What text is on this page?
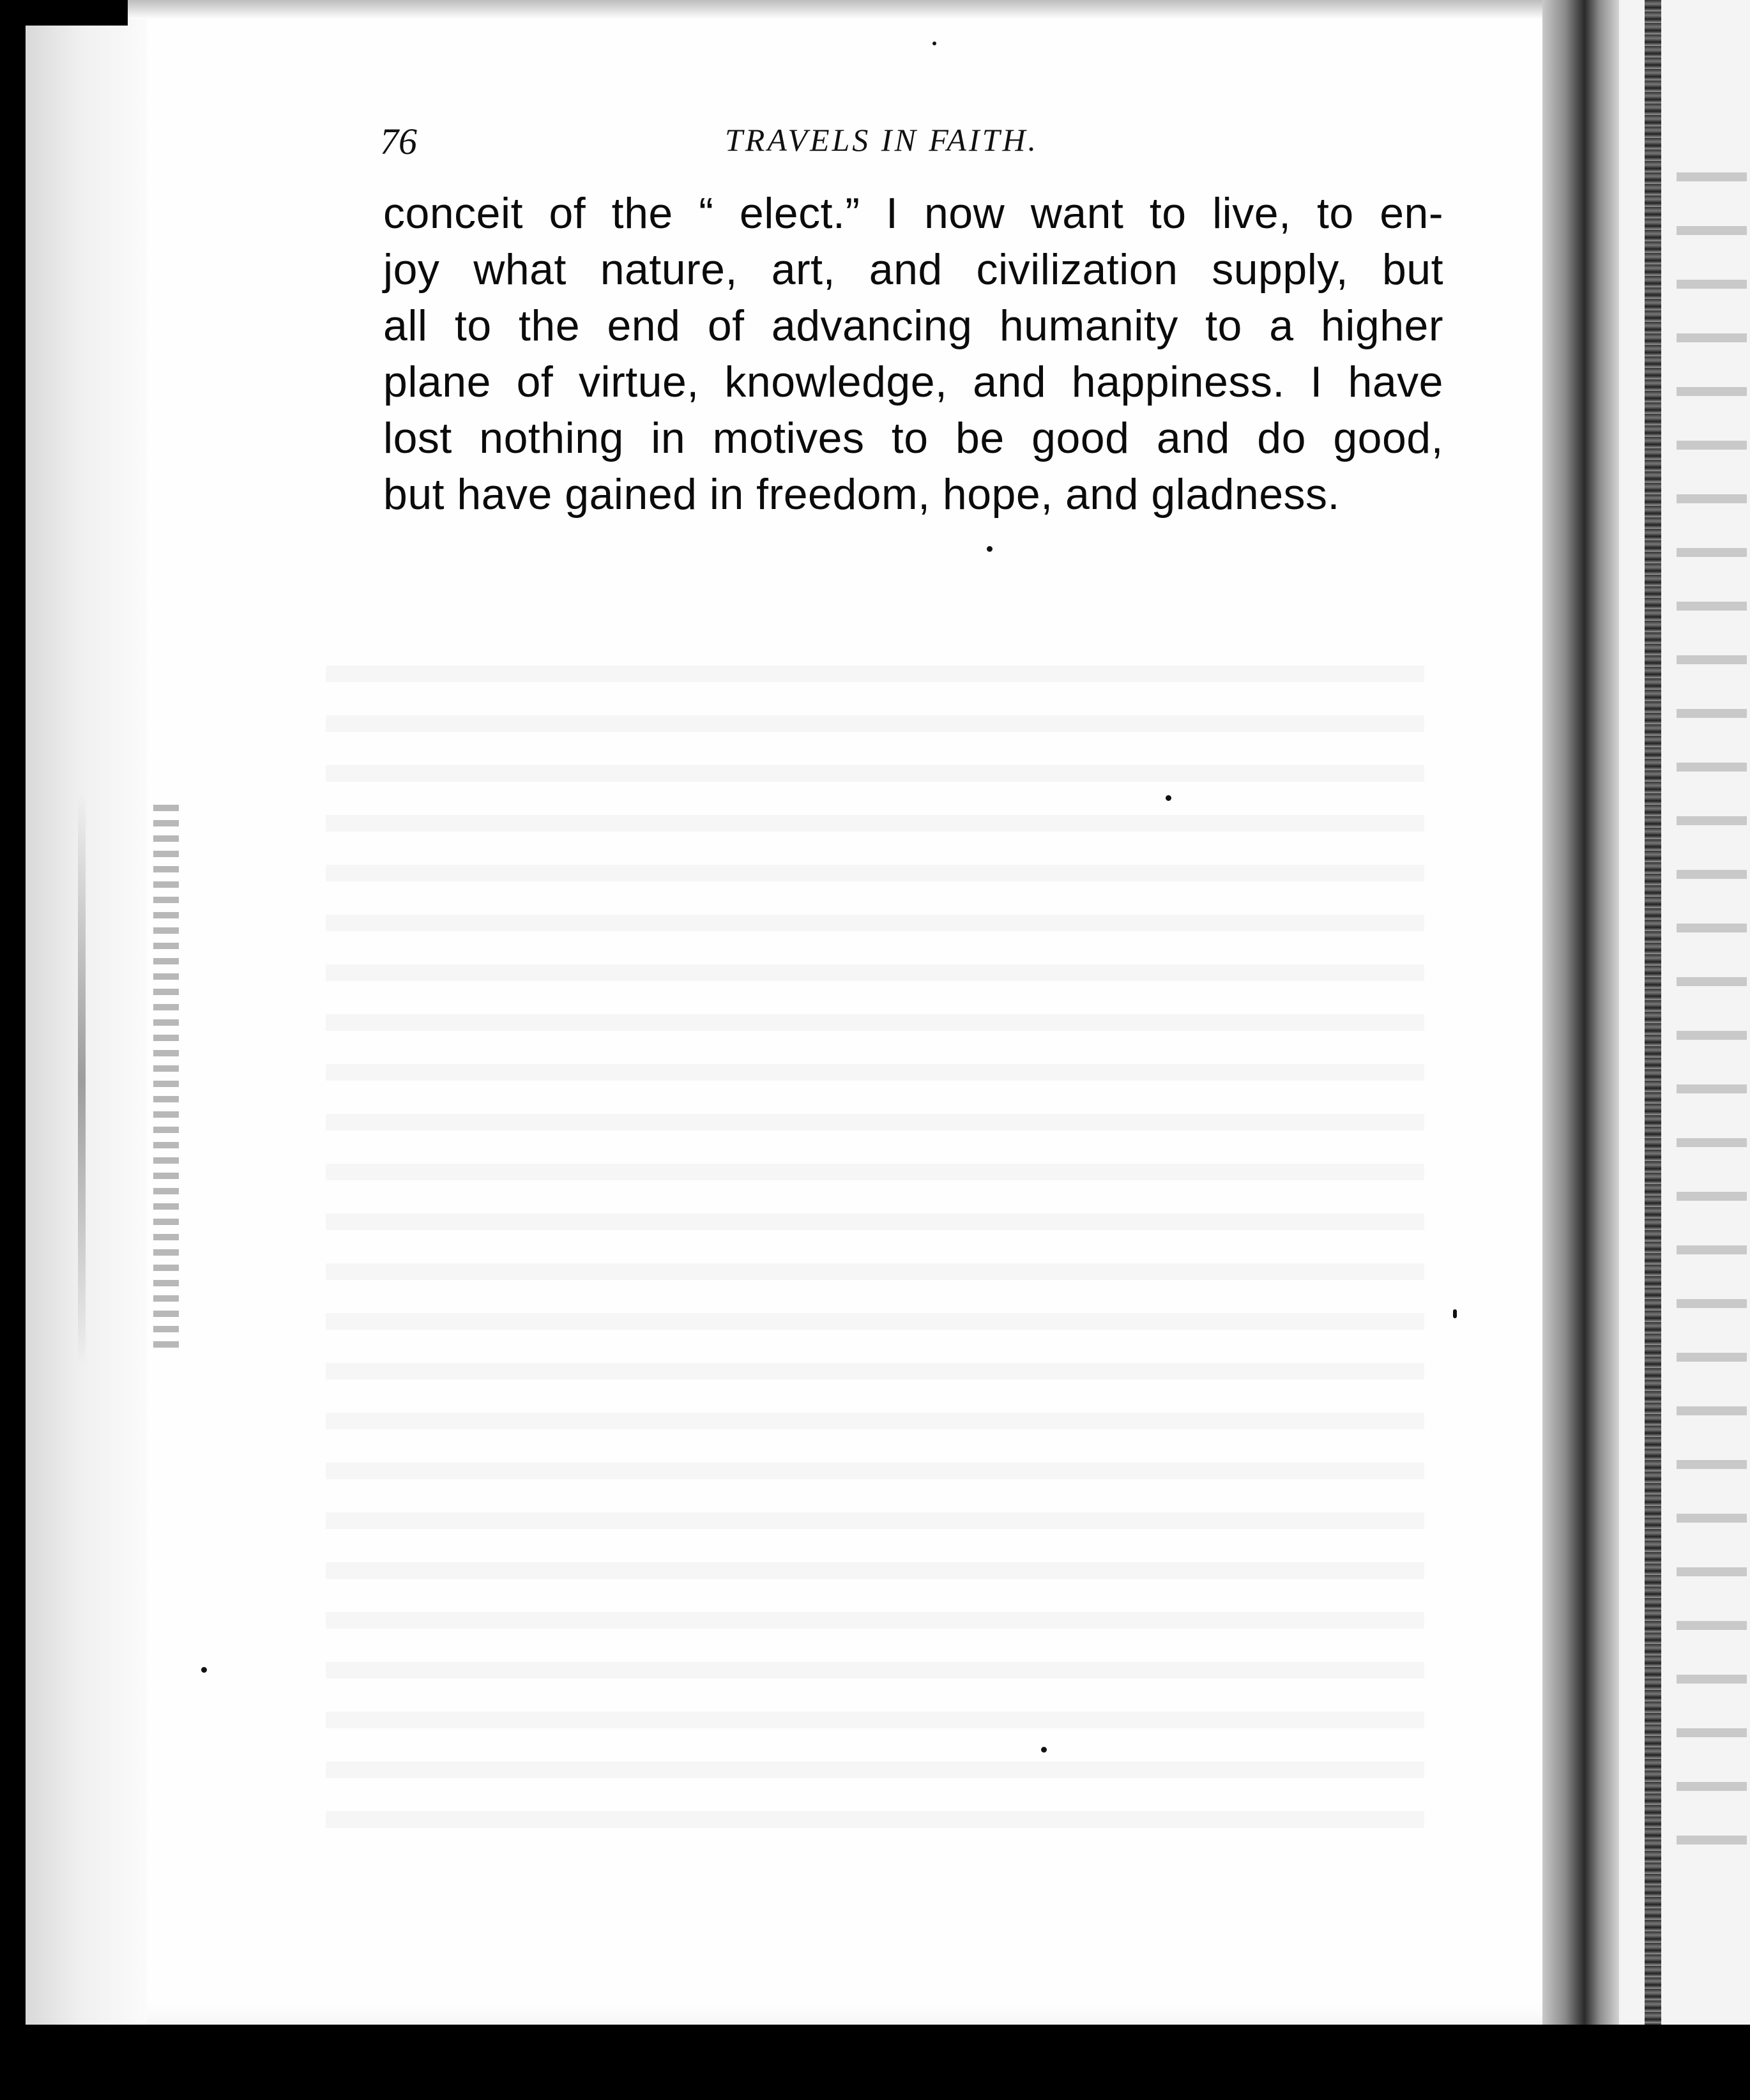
76	TRAVELS IN FAITH.
conceit of the “ elect.” I now want to live, to en-
joy what nature, art, and civilization supply, but
all to the end of advancing humanity to a higher
plane of virtue, knowledge, and happiness. I have
lost nothing in motives to be good and do good,
but have gained in freedom, hope, and gladness.
